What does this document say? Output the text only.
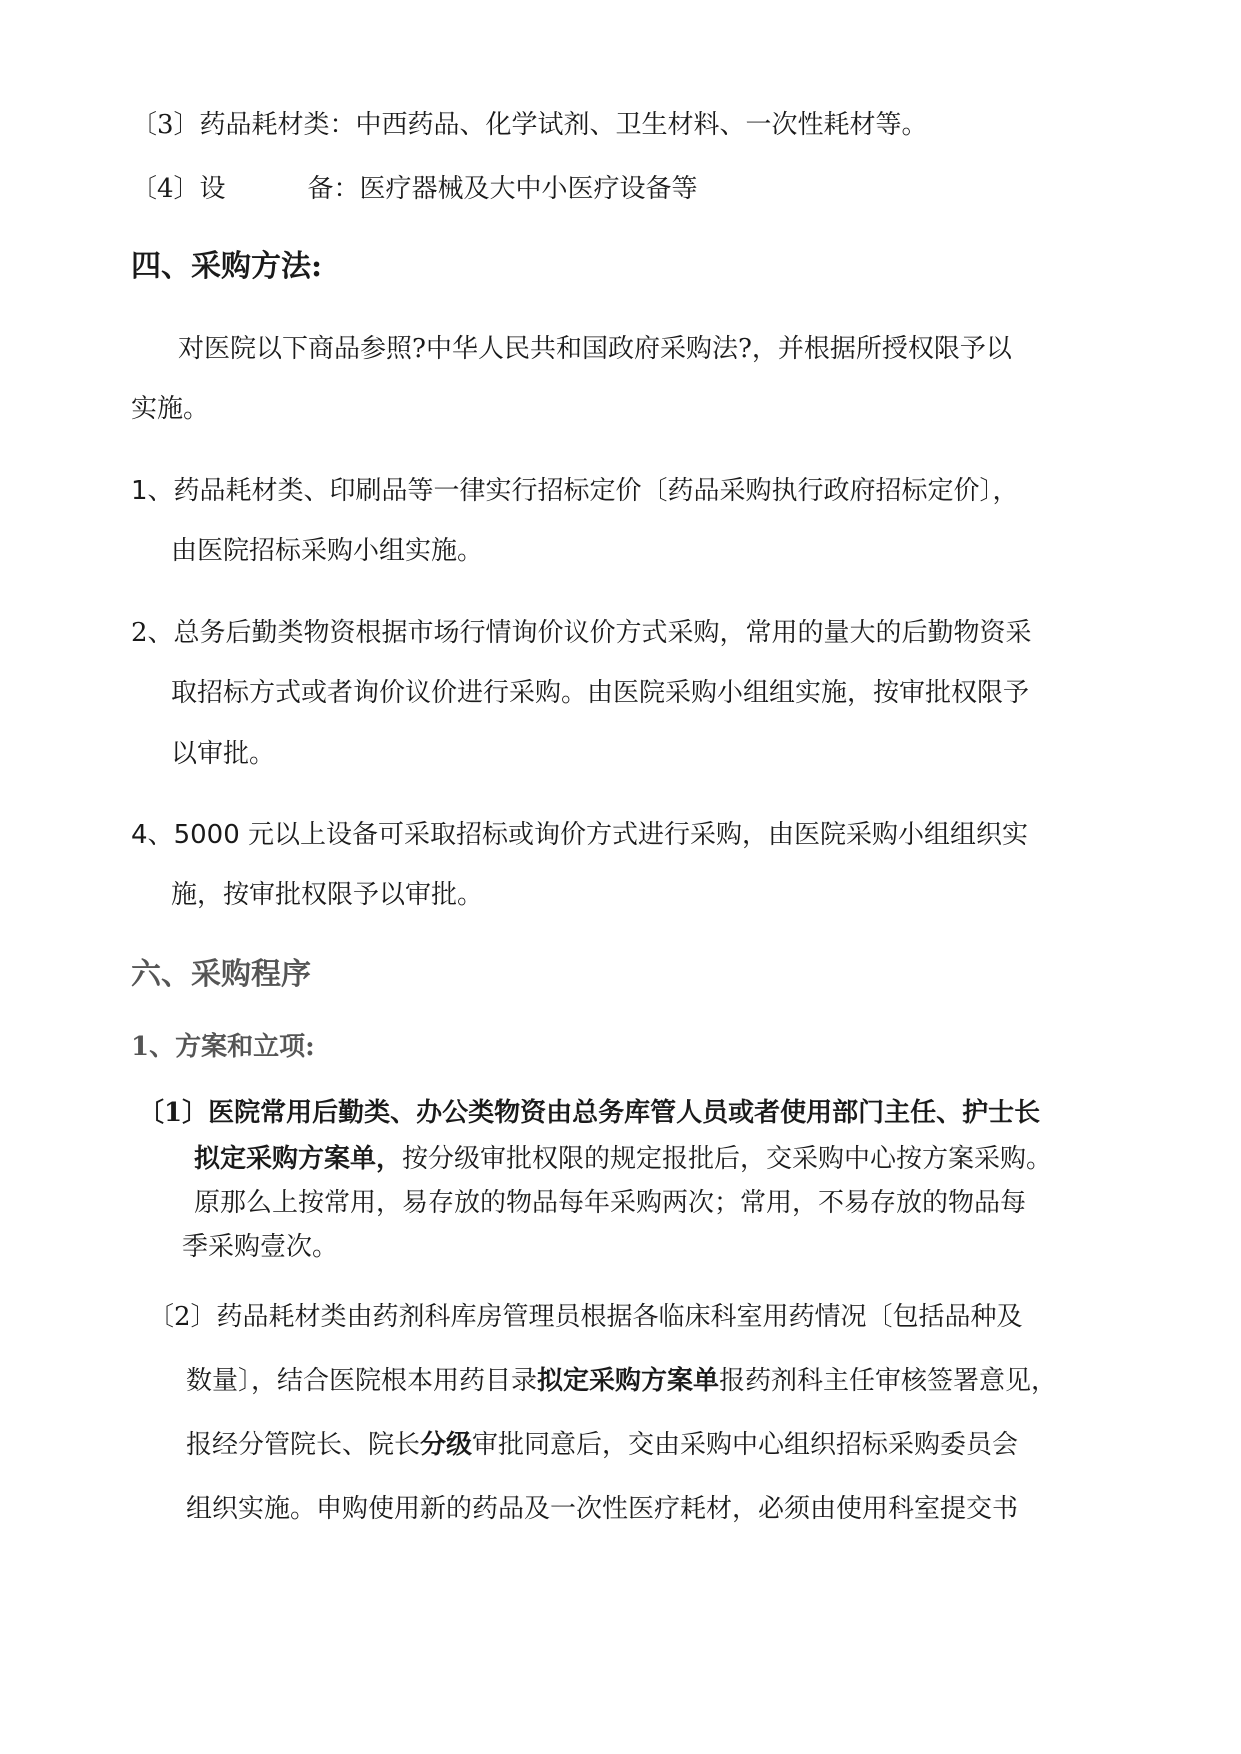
〔3〕药品耗材类：中西药品、化学试剂、卫生材料、一次性耗材等。
〔4〕设	备：医疗器械及大中小医疗设备等
四、采购方法:
对医院以下商品参照?中华人民共和国政府采购法?，并根据所授权限予以
实施。
1、药品耗材类、印刷品等一律实行招标定价〔药品采购执行政府招标定价〕，
由医院招标采购小组实施。
2、总务后勤类物资根据市场行情询价议价方式采购，常用的量大的后勤物资采
取招标方式或者询价议价进行采购。由医院采购小组组实施，按审批权限予
以审批。
4、5000 元以上设备可采取招标或询价方式进行采购，由医院采购小组组织实
施，按审批权限予以审批。
六、采购程序
1、方案和立项:
〔1〕医院常用后勤类、办公类物资由总务库管人员或者使用部门主任、护士长
拟定采购方案单，按分级审批权限的规定报批后，交采购中心按方案采购。
原那么上按常用，易存放的物品每年采购两次；常用，不易存放的物品每
季采购壹次。
〔2〕药品耗材类由药剂科库房管理员根据各临床科室用药情况〔包括品种及
数量〕，结合医院根本用药目录拟定采购方案单报药剂科主任审核签署意见，
报经分管院长、院长分级审批同意后，交由采购中心组织招标采购委员会
组织实施。申购使用新的药品及一次性医疗耗材，必须由使用科室提交书
